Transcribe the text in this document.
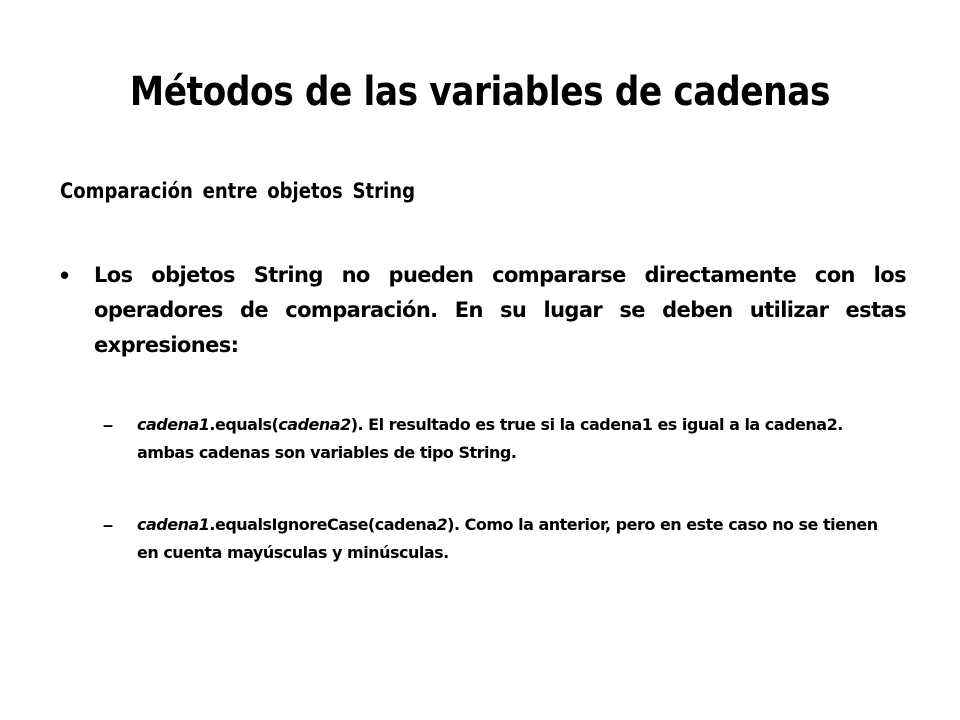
Métodos de las variables de cadenas
Comparación entre objetos String
• Los objetos String no pueden compararse directamente con los operadores de comparación. En su lugar se deben utilizar estas expresiones:
– cadena1.equals(cadena2). El resultado es true si la cadena1 es igual a la cadena2. ambas cadenas son variables de tipo String.
– cadena1.equalsIgnoreCase(cadena2). Como la anterior, pero en este caso no se tienen en cuenta mayúsculas y minúsculas.
